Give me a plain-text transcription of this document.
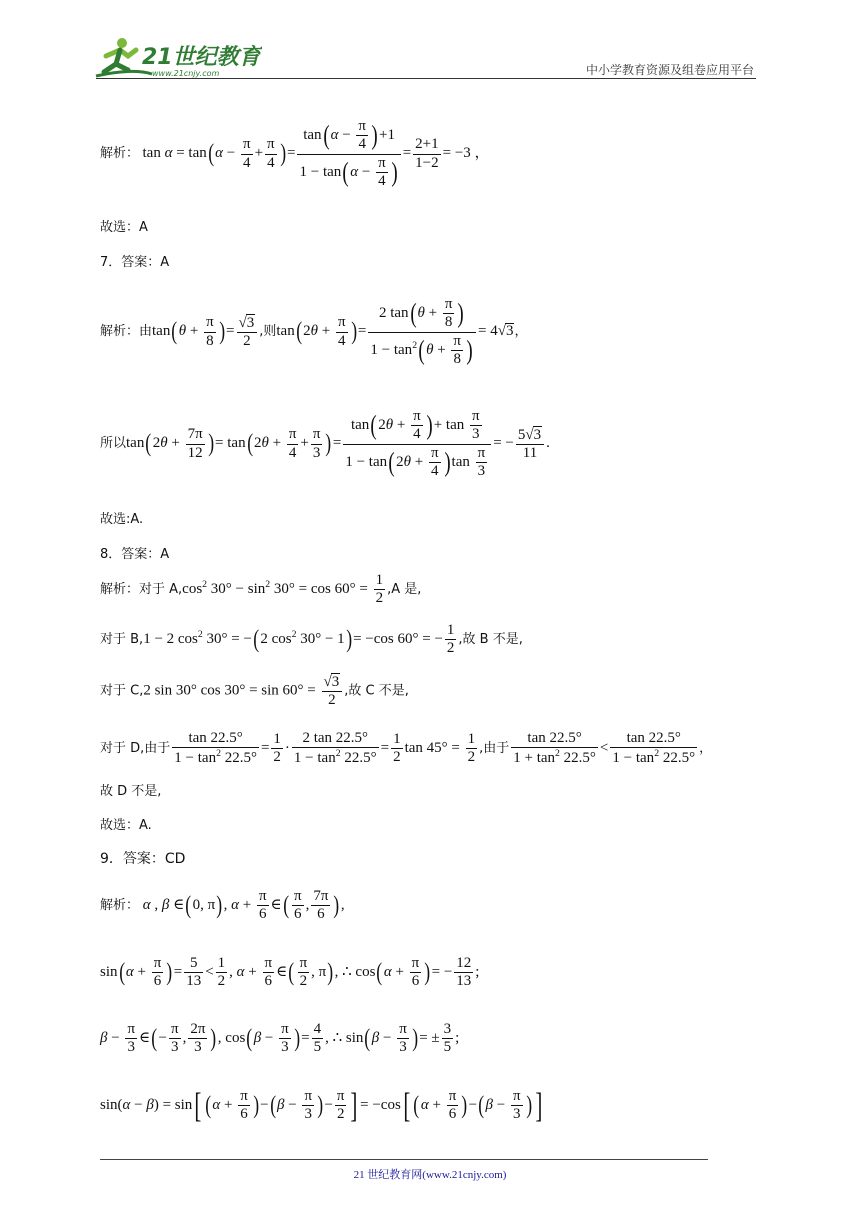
21世纪教育
www.21cnjy.com	中小学教育资源及组卷应用平台
解析： $\tan \alpha = \tan(\alpha - \frac{\pi}{4} + \frac{\pi}{4}$ )= $\frac{\tan(\alpha - \frac{\pi}{4} )+1}{1 - \tan(\alpha - \frac{\pi}{4} )} = \frac{2+1}{1-2} = -3$ ，
故选：A
7．答案：A
解析：由$\tan(\theta + \frac{\pi}{8}$ )= $\frac{√3}{2}$ ,则$\tan(2\theta + \frac{\pi}{4}$ )= $\frac{2 \tan(\theta + \frac{\pi}{8} )}{1 - \tan^2(\theta + \frac{\pi}{8} )} = 4√3$，
所以$\tan(2\theta + \frac{7\pi}{12}$ )= $\tan(2\theta + \frac{\pi}{4} + \frac{\pi}{3}$ )= $\frac{\tan(2\theta + \frac{\pi}{4} )+ \tan \frac{\pi}{3}}{1 - \tan(2\theta + \frac{\pi}{4} )\tan \frac{\pi}{3}}$ = − $\frac{5√3}{11}$ .
故选:A.
8．答案：A
解析：对于 $A,\cos^2$ $30^\circ - \sin^2 30^\circ = \cos 60^\circ = \frac{1}{2} ,A$ 是,
对于 B,1 − 2 $\cos^2 30^\circ = -(2$ $\cos^2 30^\circ - 1)= -\cos$ 60° = − $\frac{1}{2}$ ,故 B 不是,
对于 C,2 sin 30° $\cos 30^\circ = \sin 60^\circ = \frac{√3}{2}$ ,故 C 不是,
对于 D,由于 $\frac{\tan 22.5^\circ}{1 - \tan^2 22.5^\circ} = \frac{1}{2} \cdot \frac{2 \tan 22.5^\circ}{1 - \tan^2 22.5^\circ} = \frac{1}{2}$ $\tan 45^\circ = \frac{1}{2}$ ,由于 $\frac{\tan 22.5^\circ}{1 + \tan^2 22.5^\circ} < \frac{\tan 22.5^\circ}{1 - \tan^2 22.5^\circ}$ ，
故 D 不是,
故选：A.
9．答案：CD
解析： α , β ∈(0, π), $\alpha + \frac{\pi}{6}$ ∈( $\frac{\pi}{6}$ , $\frac{7\pi}{6}$ ),
$\sin(\alpha + \frac{\pi}{6}$ )= $\frac{5}{13} < \frac{1}{2}$ , $\alpha + \frac{\pi}{6}$ ∈( $\frac{\pi}{2}$ , π), ∴ $\cos(\alpha + \frac{\pi}{6}$ )= − $\frac{12}{13}$ ;
$\beta - \frac{\pi}{3}$ ∈(− $\frac{\pi}{3}$ , $\frac{2\pi}{3}$ ), $\cos(\beta - \frac{\pi}{3}$ )= $\frac{4}{5}$ , ∴ $\sin(\beta - \frac{\pi}{3}$ )= ± $\frac{3}{5}$ ;
sin(α − β) = sin[ $(\alpha + \frac{\pi}{6} )-(\beta - \frac{\pi}{3}$ )− $\frac{\pi}{2}$ ] = −cos[ $(\alpha + \frac{\pi}{6} )-(\beta - \frac{\pi}{3}$ ) ]
21 世纪教育网(www.21cnjy.com)
